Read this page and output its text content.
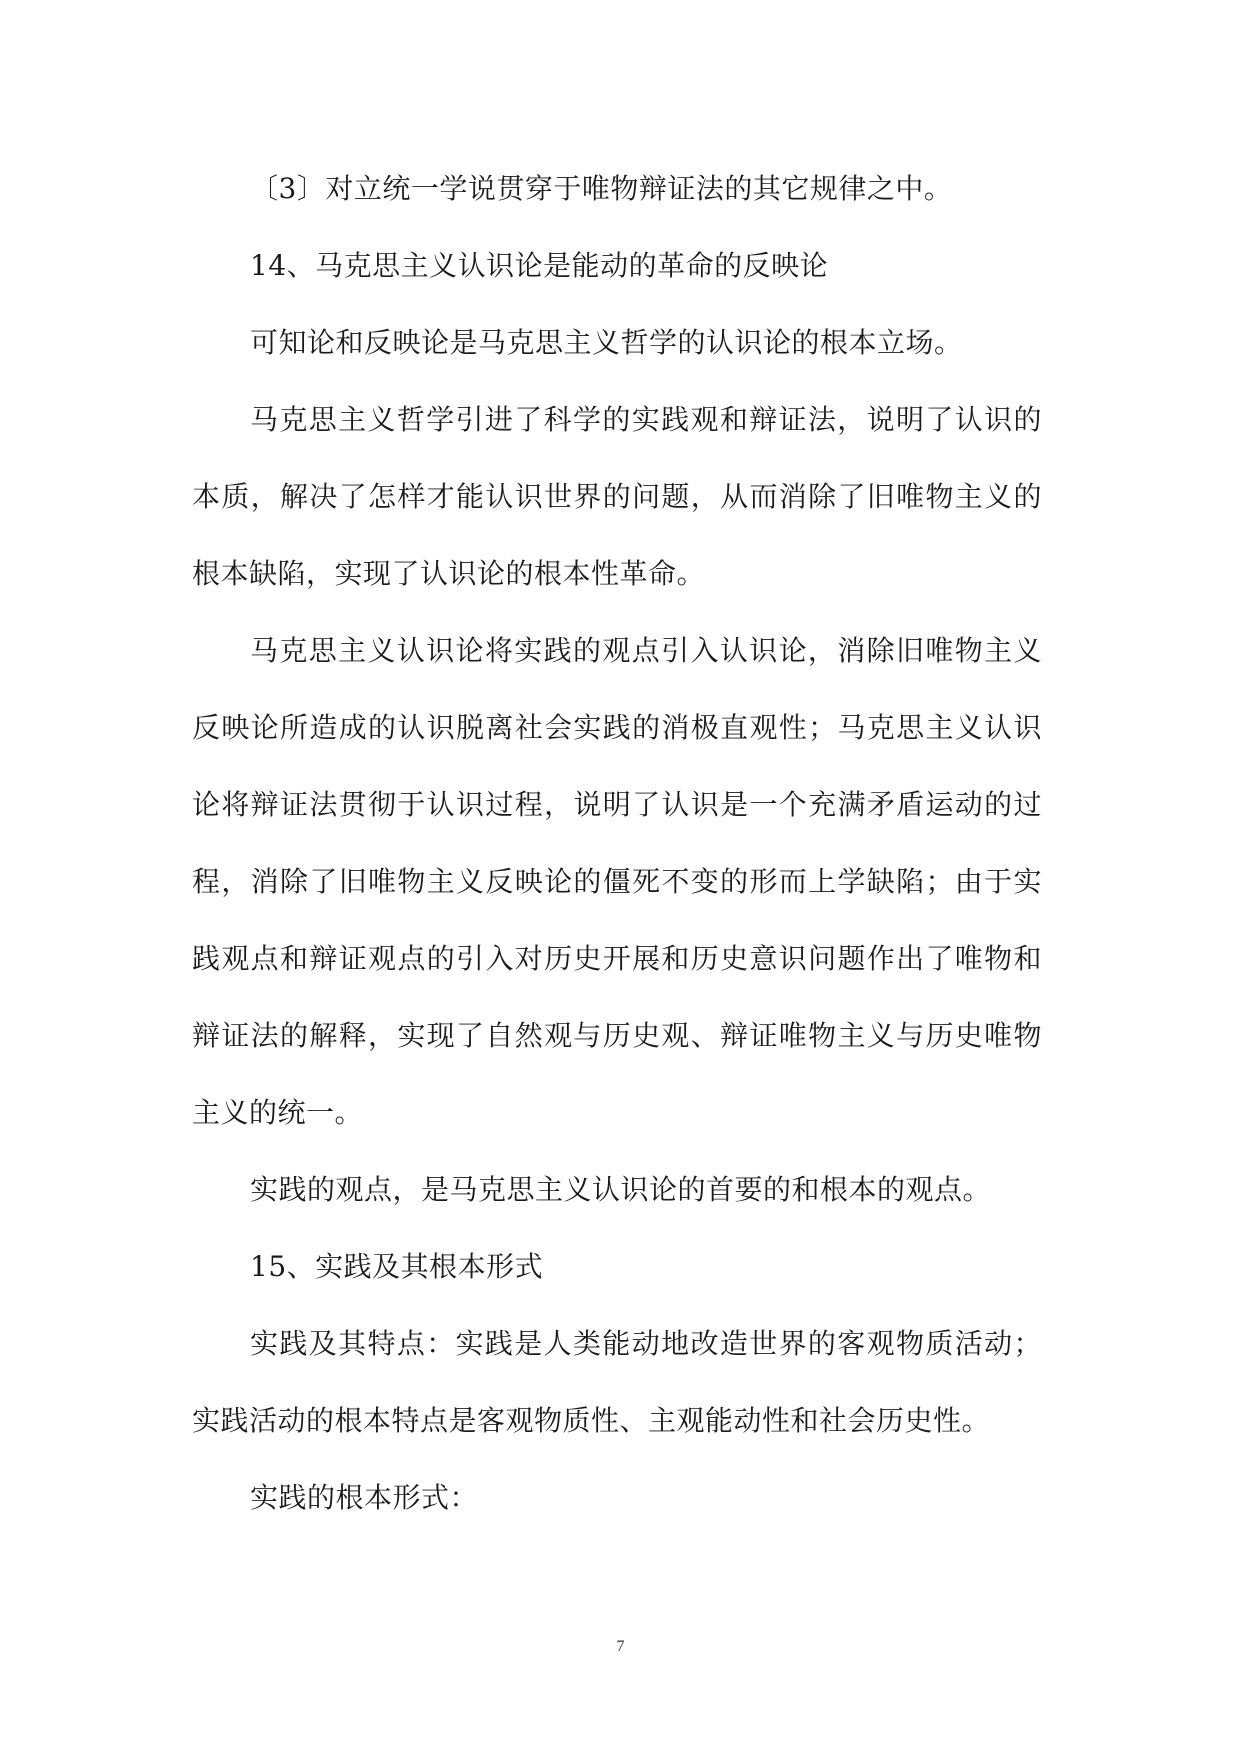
〔3〕对立统一学说贯穿于唯物辩证法的其它规律之中。

14、马克思主义认识论是能动的革命的反映论

可知论和反映论是马克思主义哲学的认识论的根本立场。

马克思主义哲学引进了科学的实践观和辩证法，说明了认识的本质，解决了怎样才能认识世界的问题，从而消除了旧唯物主义的根本缺陷，实现了认识论的根本性革命。

马克思主义认识论将实践的观点引入认识论，消除旧唯物主义反映论所造成的认识脱离社会实践的消极直观性；马克思主义认识论将辩证法贯彻于认识过程，说明了认识是一个充满矛盾运动的过程，消除了旧唯物主义反映论的僵死不变的形而上学缺陷；由于实践观点和辩证观点的引入对历史开展和历史意识问题作出了唯物和辩证法的解释，实现了自然观与历史观、辩证唯物主义与历史唯物主义的统一。

实践的观点，是马克思主义认识论的首要的和根本的观点。

15、实践及其根本形式

实践及其特点：实践是人类能动地改造世界的客观物质活动；实践活动的根本特点是客观物质性、主观能动性和社会历史性。

实践的根本形式：

7
